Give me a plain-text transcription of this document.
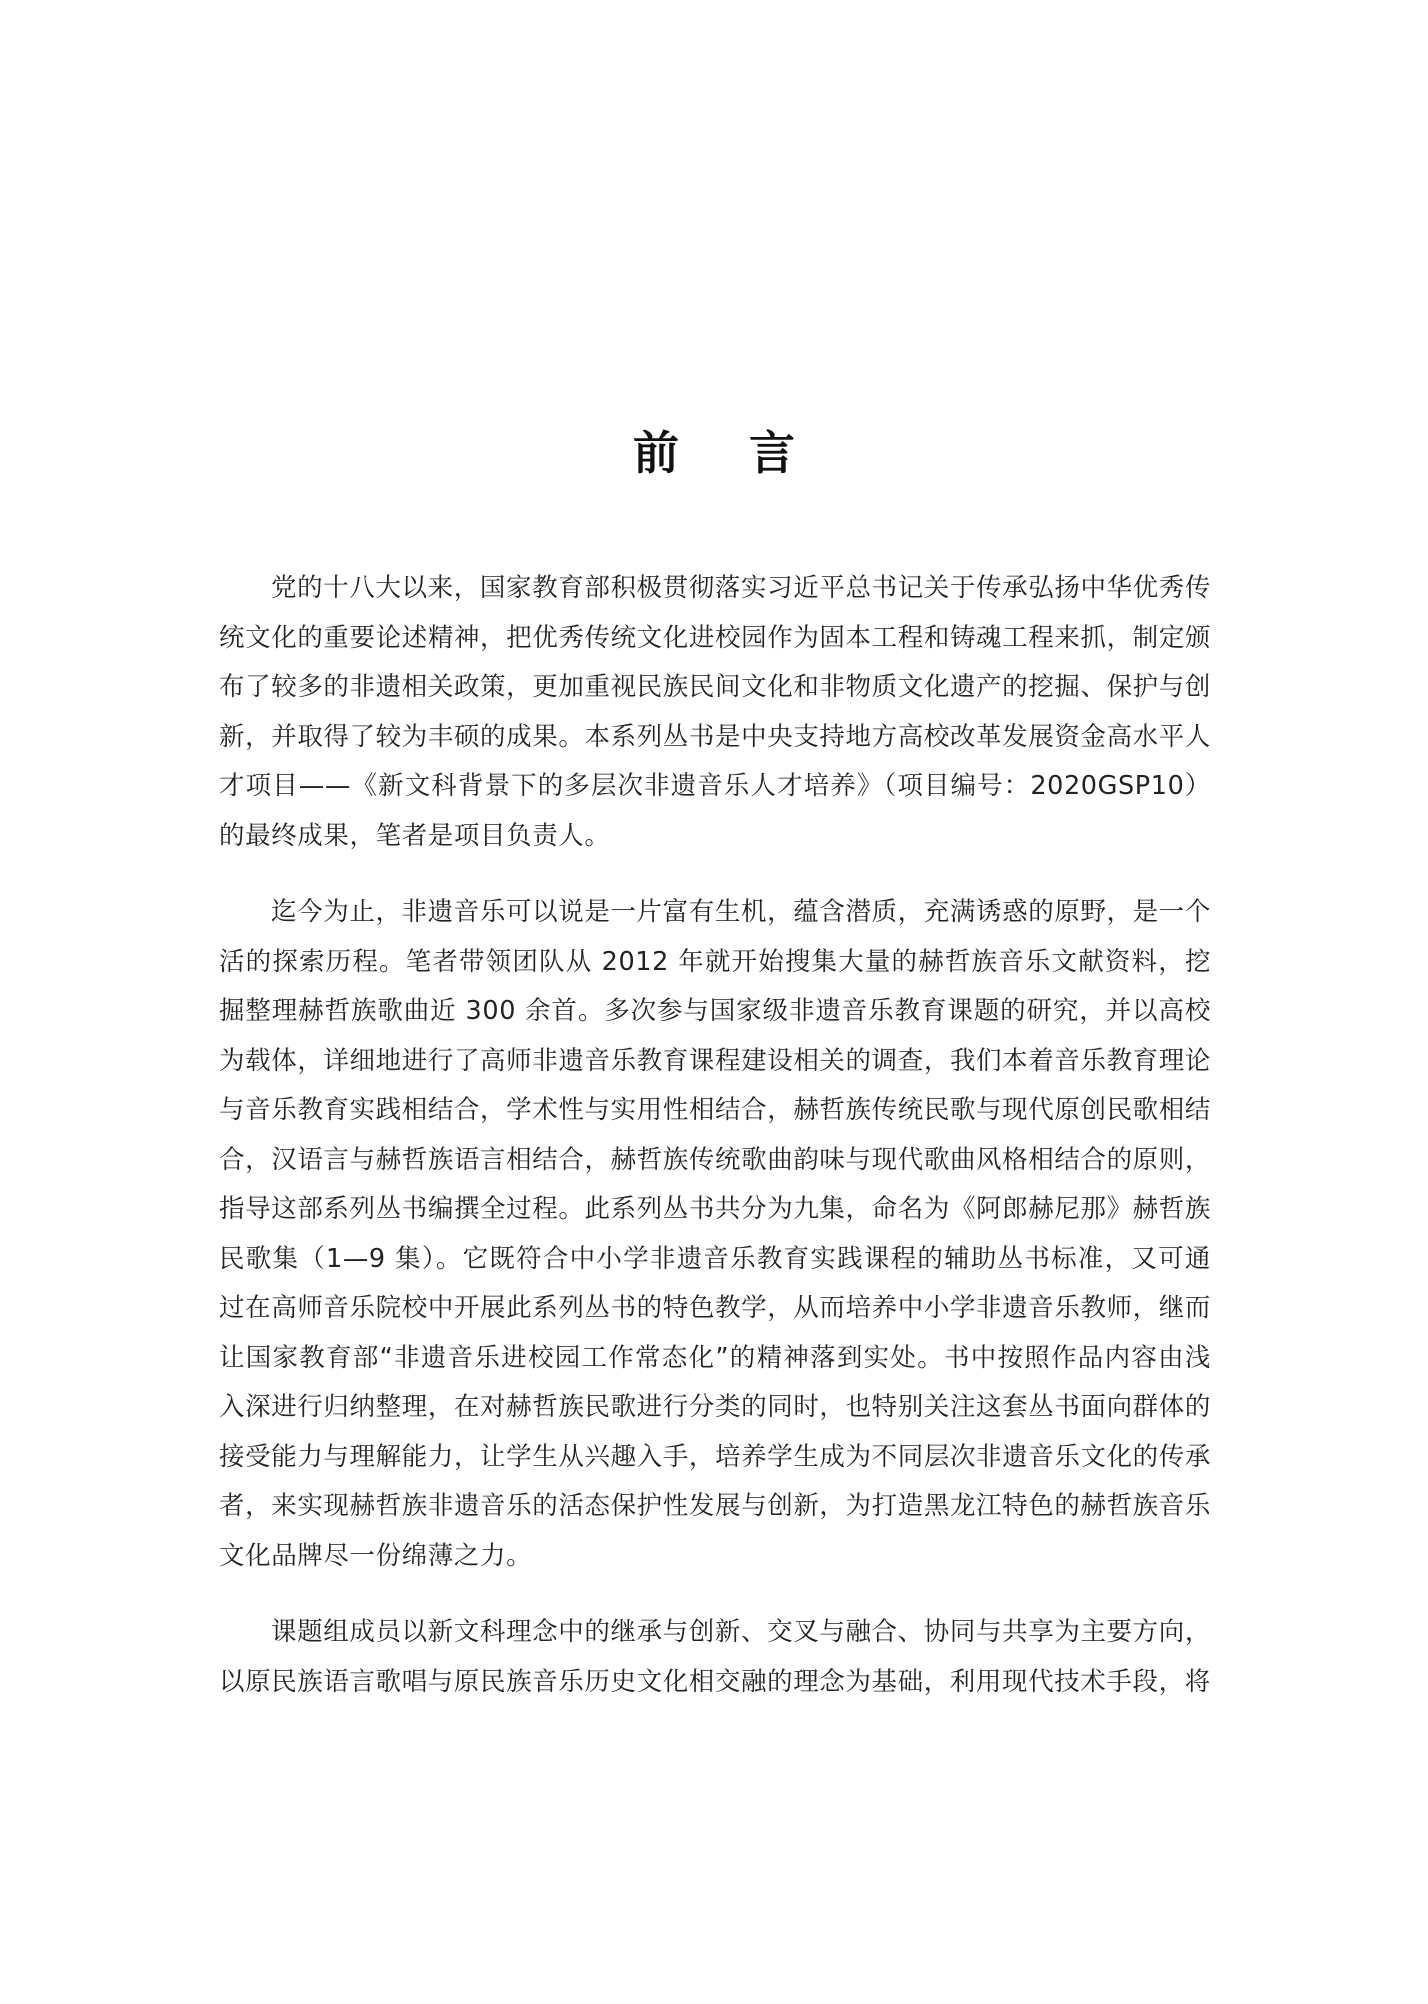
前言

党的十八大以来，国家教育部积极贯彻落实习近平总书记关于传承弘扬中华优秀传统文化的重要论述精神，把优秀传统文化进校园作为固本工程和铸魂工程来抓，制定颁布了较多的非遗相关政策，更加重视民族民间文化和非物质文化遗产的挖掘、保护与创新，并取得了较为丰硕的成果。本系列丛书是中央支持地方高校改革发展资金高水平人才项目——《新文科背景下的多层次非遗音乐人才培养》（项目编号：2020GSP10）的最终成果，笔者是项目负责人。

迄今为止，非遗音乐可以说是一片富有生机，蕴含潜质，充满诱惑的原野，是一个活的探索历程。笔者带领团队从 2012 年就开始搜集大量的赫哲族音乐文献资料，挖掘整理赫哲族歌曲近 300 余首。多次参与国家级非遗音乐教育课题的研究，并以高校为载体，详细地进行了高师非遗音乐教育课程建设相关的调查，我们本着音乐教育理论与音乐教育实践相结合，学术性与实用性相结合，赫哲族传统民歌与现代原创民歌相结合，汉语言与赫哲族语言相结合，赫哲族传统歌曲韵味与现代歌曲风格相结合的原则，指导这部系列丛书编撰全过程。此系列丛书共分为九集，命名为《阿郎赫尼那》赫哲族民歌集（1—9 集）。它既符合中小学非遗音乐教育实践课程的辅助丛书标准，又可通过在高师音乐院校中开展此系列丛书的特色教学，从而培养中小学非遗音乐教师，继而让国家教育部“非遗音乐进校园工作常态化”的精神落到实处。书中按照作品内容由浅入深进行归纳整理，在对赫哲族民歌进行分类的同时，也特别关注这套丛书面向群体的接受能力与理解能力，让学生从兴趣入手，培养学生成为不同层次非遗音乐文化的传承者，来实现赫哲族非遗音乐的活态保护性发展与创新，为打造黑龙江特色的赫哲族音乐文化品牌尽一份绵薄之力。

课题组成员以新文科理念中的继承与创新、交叉与融合、协同与共享为主要方向，以原民族语言歌唱与原民族音乐历史文化相交融的理念为基础，利用现代技术手段，将
